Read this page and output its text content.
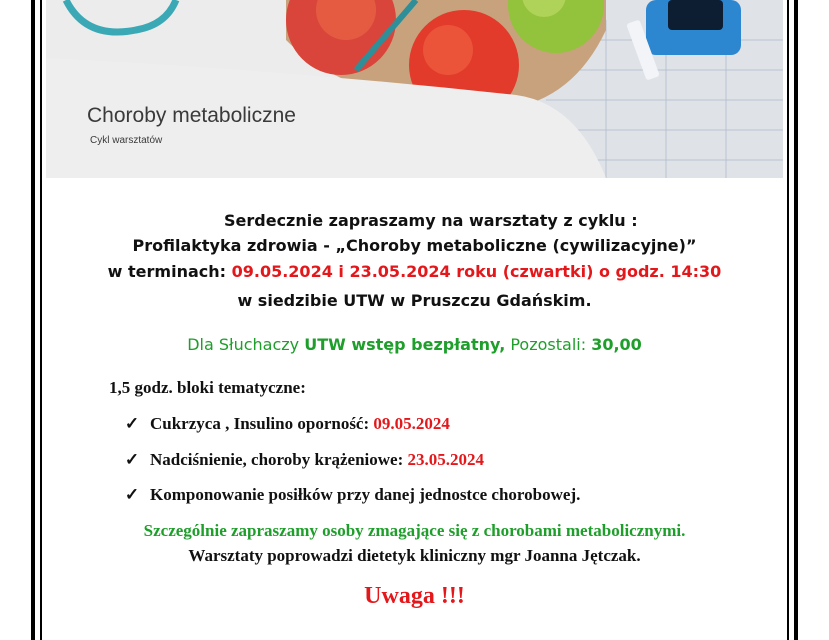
Choroby metaboliczne
Cykl warsztatów
Serdecznie zapraszamy na warsztaty z cyklu :
Profilaktyka zdrowia - „Choroby metaboliczne (cywilizacyjne)”
w terminach: 09.05.2024 i 23.05.2024 roku (czwartki) o godz. 14:30
w siedzibie UTW w Pruszczu Gdańskim.
Dla Słuchaczy UTW wstęp bezpłatny, Pozostali: 30,00
1,5 godz. bloki tematyczne:
✓ Cukrzyca , Insulino oporność: 09.05.2024
✓ Nadciśnienie, choroby krążeniowe: 23.05.2024
✓ Komponowanie posiłków przy danej jednostce chorobowej.
Szczególnie zapraszamy osoby zmagające się z chorobami metabolicznymi.
Warsztaty poprowadzi dietetyk kliniczny mgr Joanna Jętczak.
Uwaga !!!
